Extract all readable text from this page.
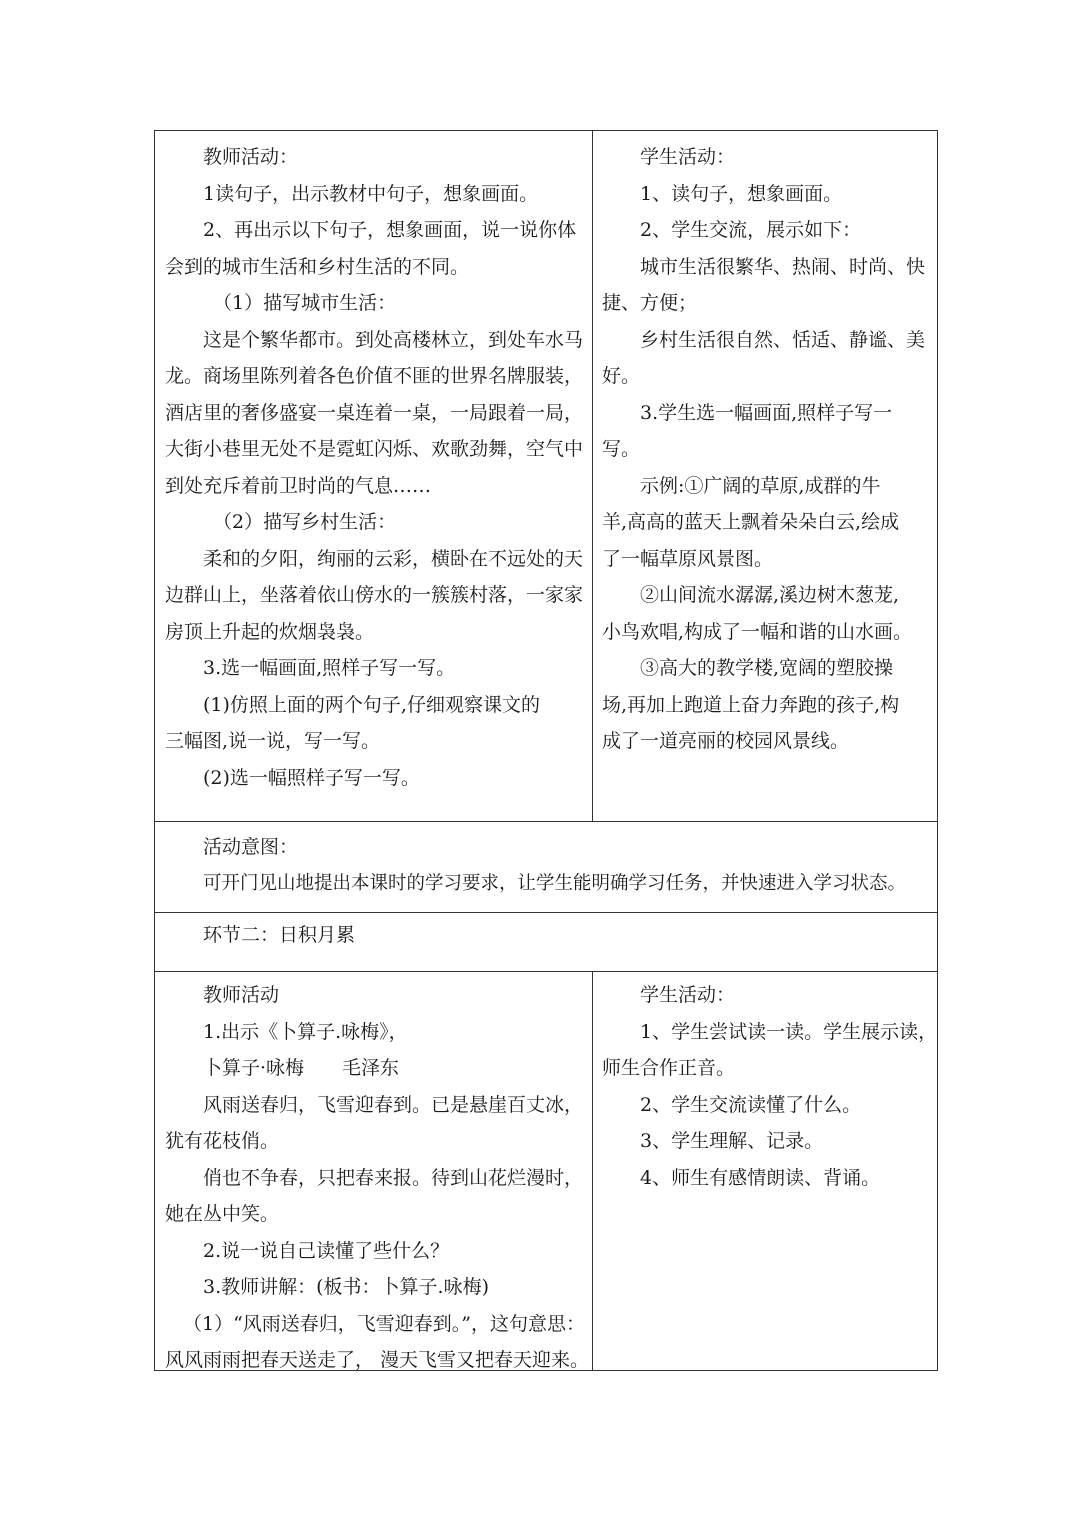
教师活动：

1读句子，出示教材中句子，想象画面。

2、再出示以下句子，想象画面，说一说你体

会到的城市生活和乡村生活的不同。

（1）描写城市生活：

这是个繁华都市。到处高楼林立，到处车水马

龙。商场里陈列着各色价值不匪的世界名牌服装，

酒店里的奢侈盛宴一桌连着一桌，一局跟着一局，

大街小巷里无处不是霓虹闪烁、欢歌劲舞，空气中

到处充斥着前卫时尚的气息……

（2）描写乡村生活：

柔和的夕阳，绚丽的云彩，横卧在不远处的天

边群山上，坐落着依山傍水的一簇簇村落，一家家

房顶上升起的炊烟袅袅。

3.选一幅画面,照样子写一写。

(1)仿照上面的两个句子,仔细观察课文的

三幅图,说一说，写一写。

(2)选一幅照样子写一写。

学生活动：

1、读句子，想象画面。

2、学生交流，展示如下：

城市生活很繁华、热闹、时尚、快

捷、方便；

乡村生活很自然、恬适、静谧、美

好。

3.学生选一幅画面,照样子写一

写。

示例:①广阔的草原,成群的牛

羊,高高的蓝天上飘着朵朵白云,绘成

了一幅草原风景图。

②山间流水潺潺,溪边树木葱茏,

小鸟欢唱,构成了一幅和谐的山水画。

③高大的教学楼,宽阔的塑胶操

场,再加上跑道上奋力奔跑的孩子,构

成了一道亮丽的校园风景线。

活动意图：

可开门见山地提出本课时的学习要求，让学生能明确学习任务，并快速进入学习状态。

环节二：日积月累

教师活动

1.出示《卜算子.咏梅》，

卜算子·咏梅　　毛泽东

风雨送春归，飞雪迎春到。已是悬崖百丈冰，

犹有花枝俏。

俏也不争春，只把春来报。待到山花烂漫时，

她在丛中笑。

2.说一说自己读懂了些什么？

3.教师讲解：(板书：卜算子.咏梅)

（1）“风雨送春归，飞雪迎春到。”，这句意思：

风风雨雨把春天送走了， 漫天飞雪又把春天迎来。

学生活动：

1、学生尝试读一读。学生展示读，

师生合作正音。

2、学生交流读懂了什么。

3、学生理解、记录。

4、师生有感情朗读、背诵。
